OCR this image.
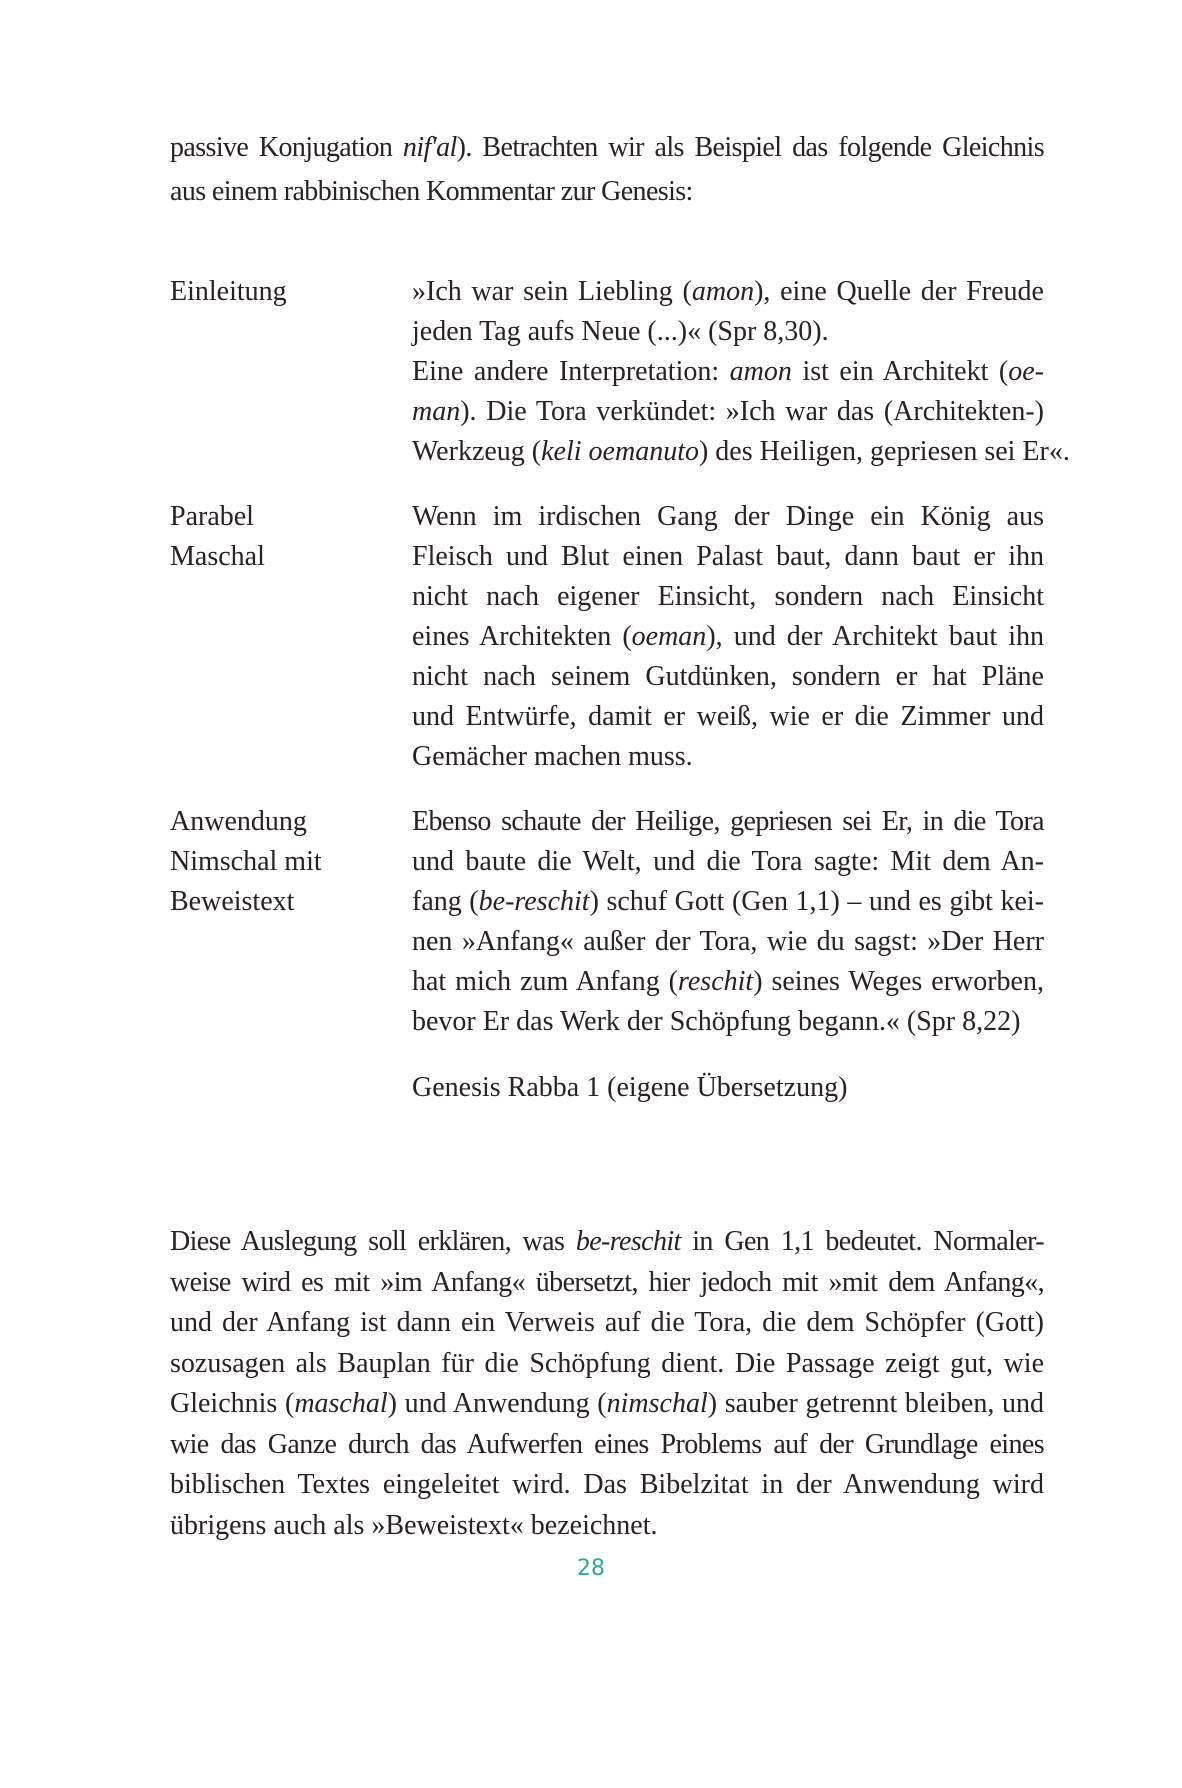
passive Konjugation nif'al). Betrachten wir als Beispiel das folgende Gleichnis
aus einem rabbinischen Kommentar zur Genesis:
Einleitung	»Ich war sein Liebling (amon), eine Quelle der Freude
jeden Tag aufs Neue (...)« (Spr 8,30).
Eine andere Interpretation: amon ist ein Architekt (oe-
man). Die Tora verkündet: »Ich war das (Architekten-)
Werkzeug (keli oemanuto) des Heiligen, gepriesen sei Er«.
Parabel
Maschal
Wenn im irdischen Gang der Dinge ein König aus
Fleisch und Blut einen Palast baut, dann baut er ihn
nicht nach eigener Einsicht, sondern nach Einsicht
eines Architekten (oeman), und der Architekt baut ihn
nicht nach seinem Gutdünken, sondern er hat Pläne
und Entwürfe, damit er weiß, wie er die Zimmer und
Gemächer machen muss.
Anwendung
Nimschal mit
Beweistext
Ebenso schaute der Heilige, gepriesen sei Er, in die Tora
und baute die Welt, und die Tora sagte: Mit dem An-
fang (be-reschit) schuf Gott (Gen 1,1) – und es gibt kei-
nen »Anfang« außer der Tora, wie du sagst: »Der Herr
hat mich zum Anfang (reschit) seines Weges erworben,
bevor Er das Werk der Schöpfung begann.« (Spr 8,22)
Genesis Rabba 1 (eigene Übersetzung)
Diese Auslegung soll erklären, was be-reschit in Gen 1,1 bedeutet. Normaler-
weise wird es mit »im Anfang« übersetzt, hier jedoch mit »mit dem Anfang«,
und der Anfang ist dann ein Verweis auf die Tora, die dem Schöpfer (Gott)
sozusagen als Bauplan für die Schöpfung dient. Die Passage zeigt gut, wie
Gleichnis (maschal) und Anwendung (nimschal) sauber getrennt bleiben, und
wie das Ganze durch das Aufwerfen eines Problems auf der Grundlage eines
biblischen Textes eingeleitet wird. Das Bibelzitat in der Anwendung wird
übrigens auch als »Beweistext« bezeichnet.
28
